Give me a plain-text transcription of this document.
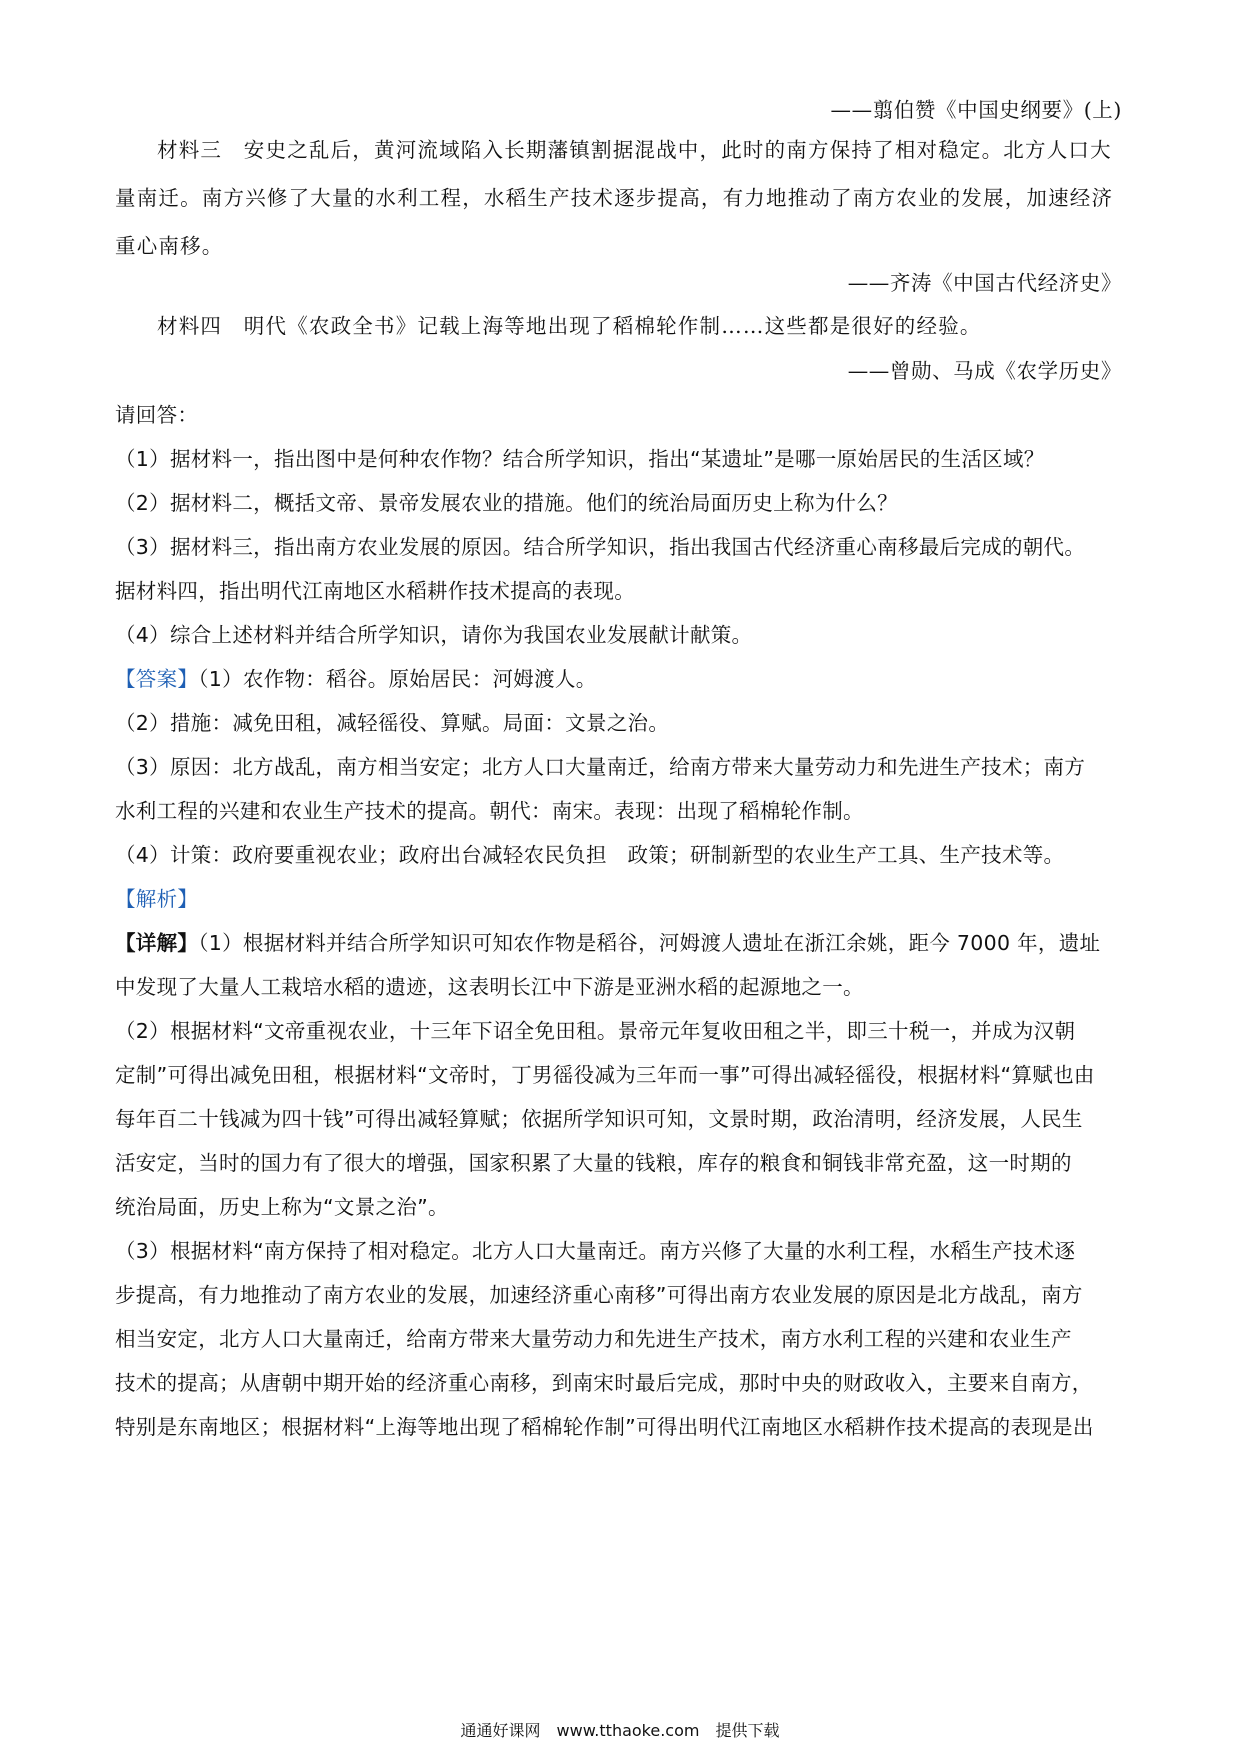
——翦伯赞《中国史纲要》(上)
材料三　安史之乱后，黄河流域陷入长期藩镇割据混战中，此时的南方保持了相对稳定。北方人口大
量南迁。南方兴修了大量的水利工程，水稻生产技术逐步提高，有力地推动了南方农业的发展，加速经济
重心南移。
——齐涛《中国古代经济史》
材料四　明代《农政全书》记载上海等地出现了稻棉轮作制……这些都是很好的经验。
——曾勋、马成《农学历史》
请回答：
（1）据材料一，指出图中是何种农作物？结合所学知识，指出“某遗址”是哪一原始居民的生活区域？
（2）据材料二，概括文帝、景帝发展农业的措施。他们的统治局面历史上称为什么？
（3）据材料三，指出南方农业发展的原因。结合所学知识，指出我国古代经济重心南移最后完成的朝代。
据材料四，指出明代江南地区水稻耕作技术提高的表现。
（4）综合上述材料并结合所学知识，请你为我国农业发展献计献策。
【答案】（1）农作物：稻谷。原始居民：河姆渡人。
（2）措施：减免田租，减轻徭役、算赋。局面：文景之治。
（3）原因：北方战乱，南方相当安定；北方人口大量南迁，给南方带来大量劳动力和先进生产技术；南方
水利工程的兴建和农业生产技术的提高。朝代：南宋。表现：出现了稻棉轮作制。
（4）计策：政府要重视农业；政府出台减轻农民负担　政策；研制新型的农业生产工具、生产技术等。
【解析】
【详解】（1）根据材料并结合所学知识可知农作物是稻谷，河姆渡人遗址在浙江余姚，距今 7000 年，遗址
中发现了大量人工栽培水稻的遗迹，这表明长江中下游是亚洲水稻的起源地之一。
（2）根据材料“文帝重视农业，十三年下诏全免田租。景帝元年复收田租之半，即三十税一，并成为汉朝
定制”可得出减免田租，根据材料“文帝时，丁男徭役减为三年而一事”可得出减轻徭役，根据材料“算赋也由
每年百二十钱减为四十钱”可得出减轻算赋；依据所学知识可知，文景时期，政治清明，经济发展，人民生
活安定，当时的国力有了很大的增强，国家积累了大量的钱粮，库存的粮食和铜钱非常充盈，这一时期的
统治局面，历史上称为“文景之治”。
（3）根据材料“南方保持了相对稳定。北方人口大量南迁。南方兴修了大量的水利工程，水稻生产技术逐
步提高，有力地推动了南方农业的发展，加速经济重心南移”可得出南方农业发展的原因是北方战乱，南方
相当安定，北方人口大量南迁，给南方带来大量劳动力和先进生产技术，南方水利工程的兴建和农业生产
技术的提高；从唐朝中期开始的经济重心南移，到南宋时最后完成，那时中央的财政收入，主要来自南方，
特别是东南地区；根据材料“上海等地出现了稻棉轮作制”可得出明代江南地区水稻耕作技术提高的表现是出
通通好课网　www.tthaoke.com　提供下载
